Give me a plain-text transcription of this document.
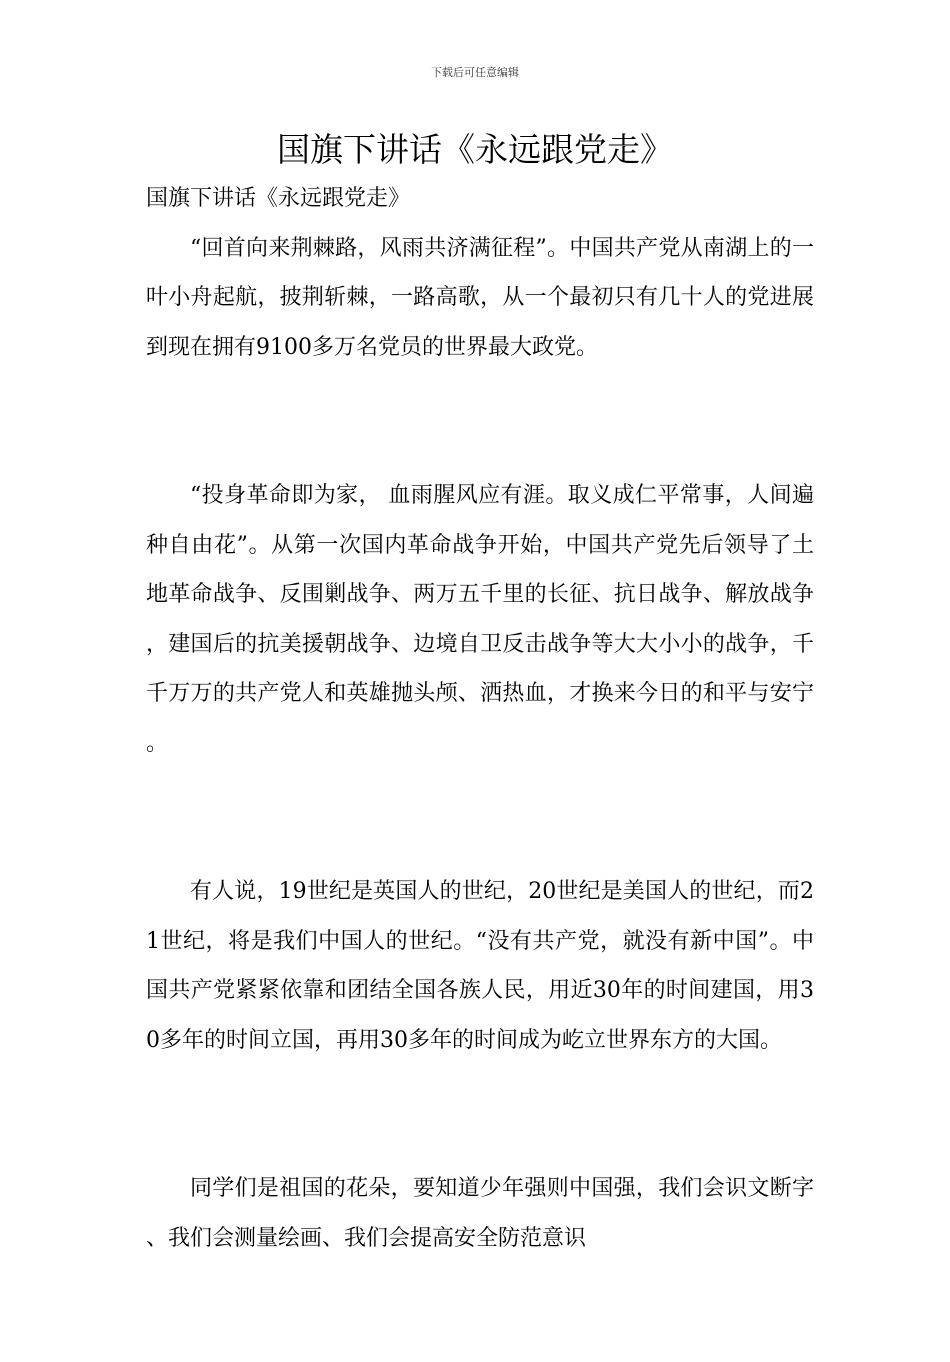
下载后可任意编辑
国旗下讲话《永远跟党走》

国旗下讲话《永远跟党走》

“回首向来荆棘路，风雨共济满征程”。中国共产党从南湖上的一叶小舟起航，披荆斩棘，一路高歌，从一个最初只有几十人的党进展到现在拥有9100多万名党员的世界最大政党。

“投身革命即为家， 血雨腥风应有涯。取义成仁平常事，人间遍种自由花”。从第一次国内革命战争开始，中国共产党先后领导了土地革命战争、反围剿战争、两万五千里的长征、抗日战争、解放战争，建国后的抗美援朝战争、边境自卫反击战争等大大小小的战争，千千万万的共产党人和英雄抛头颅、洒热血，才换来今日的和平与安宁。

有人说，19世纪是英国人的世纪，20世纪是美国人的世纪，而21世纪，将是我们中国人的世纪。“没有共产党，就没有新中国”。中国共产党紧紧依靠和团结全国各族人民，用近30年的时间建国，用30多年的时间立国，再用30多年的时间成为屹立世界东方的大国。

同学们是祖国的花朵，要知道少年强则中国强，我们会识文断字、我们会测量绘画、我们会提高安全防范意识
